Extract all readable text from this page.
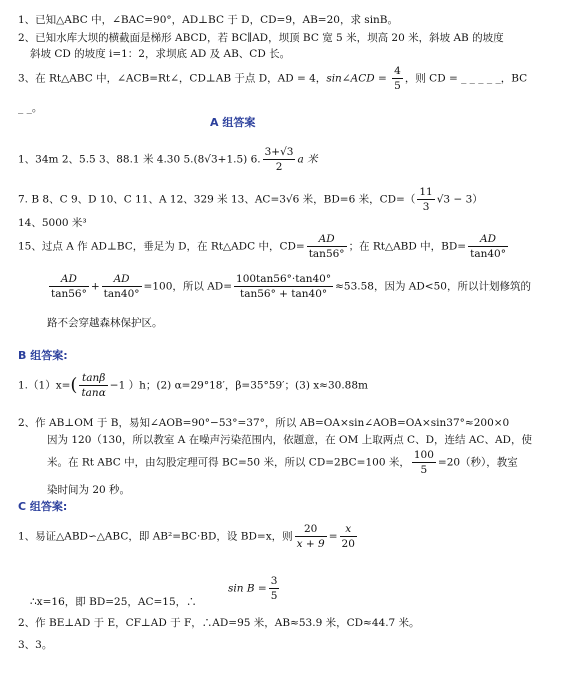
1、已知△ABC 中，∠BAC=90°，AD⊥BC 于 D，CD=9，AB=20，求 sinB。
2、已知水库大坝的横截面是梯形 ABCD，若 BC∥AD，坝顶 BC 宽 5 米，坝高 20 米，斜坡 AB 的坡度
斜坡 CD 的坡度 i=1：2，求坝底 AD 及 AB、CD 长。
3、在 Rt△ABC 中，∠ACB=Rt∠，CD⊥AB 于点 D，AD = 4，sin∠ACD = $\frac{4}{5}$ ，则 CD = _ _ _ _ _，BC
_ _。
A 组答案
1、34m 2、5.5 3、88.1 米 4.30 5.(8√3+1.5) 6. $\frac{3+√3}{2}$ a 米
7. B 8、C 9、D 10、C 11、A 12、329 米 13、AC=3√6 米，BD=6 米，$CD=( \frac{11}{3} √3 - 3)$
14、5000 米³
15、过点 A 作 AD⊥BC，垂足为 D，在 Rt△ADC 中，$CD= \frac{AD}{\tan 56^\circ}$ ；在 Rt△ABD 中，$BD= \frac{AD}{\tan 40^\circ}$
$\frac{AD}{\tan 56^\circ} + \frac{AD}{\tan 40^\circ} =100$，所以 $AD= \frac{100\tan 56^\circ\cdot\tan 40^\circ}{\tan 56^\circ + \tan 40^\circ} \approx 53.58$，因为 AD<50，所以计划修筑的
路不会穿越森林保护区。
B 组答案:
$1.(1)x=( \frac{\tan\beta}{\tan\alpha} -1$ ）h；(2) α=29°18′，β=35°59′；(3) x≈30.88m
2、作 AB⊥OM 于 B，易知∠AOB=90°−53°=37°，所以 AB=OA×sin∠AOB=OA×sin37°≈200×0
因为 120（130，所以教室 A 在噪声污染范围内，依题意，在 OM 上取两点 C、D，连结 AC、AD，使
米。在 Rt ABC 中，由勾股定理可得 BC=50 米，所以 CD=2BC=100 米， $\frac{100}{5} =20$（秒），教室
染时间为 20 秒。
C 组答案:
1、易证△ABD∽△ABC，即 AB²=BC·BD，设 BD=x，则 $\frac{20}{x + 9} = \frac{x}{20}$
$\sin B = \frac{3}{5}$
∴x=16，即 BD=25，AC=15，∴
2、作 BE⊥AD 于 E，CF⊥AD 于 F，∴AD=95 米，AB≈53.9 米，CD≈44.7 米。
3、3。
